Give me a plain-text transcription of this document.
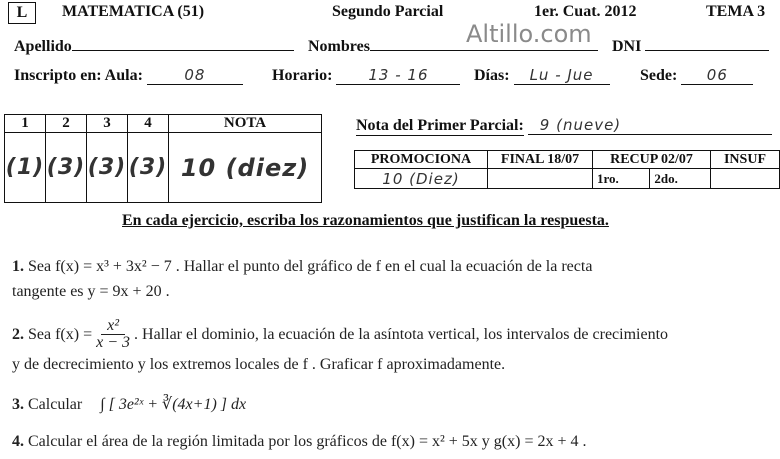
L	MATEMATICA (51)	Segundo Parcial	1er. Cuat. 2012	TEMA 3
Altillo.com
Apellido	Nombres	DNI
Inscripto en: Aula:	08	Horario: 13 - 16	Días: Lu - Jue	Sede: 06
1	2	3	4	NOTA
(1)	(3)	(3)	(3)	10 (diez)
Nota del Primer Parcial: 9 (nueve)
PROMOCIONA	FINAL 18/07	RECUP 02/07		INSUF
10 (Diez)		1ro.	2do.	
En cada ejercicio, escriba los razonamientos que justifican la respuesta.
1. Sea f(x) = x³ + 3x² − 7 . Hallar el punto del gráfico de f en el cual la ecuación de la recta
tangente es y = 9x + 20 .
2.
Sea $f(x) = \frac{\text{x²}}{x - 3}$ . Hallar el dominio, la ecuación de la asíntota vertical, los intervalos de crecimiento
y de decrecimiento y los extremos locales de f . Graficar f aproximadamente.
3. Calcular ∫ [ 3e²ˣ + ∛(4x+1) ] dx
4. Calcular el área de la región limitada por los gráficos de f(x) = x² + 5x y g(x) = 2x + 4 .
